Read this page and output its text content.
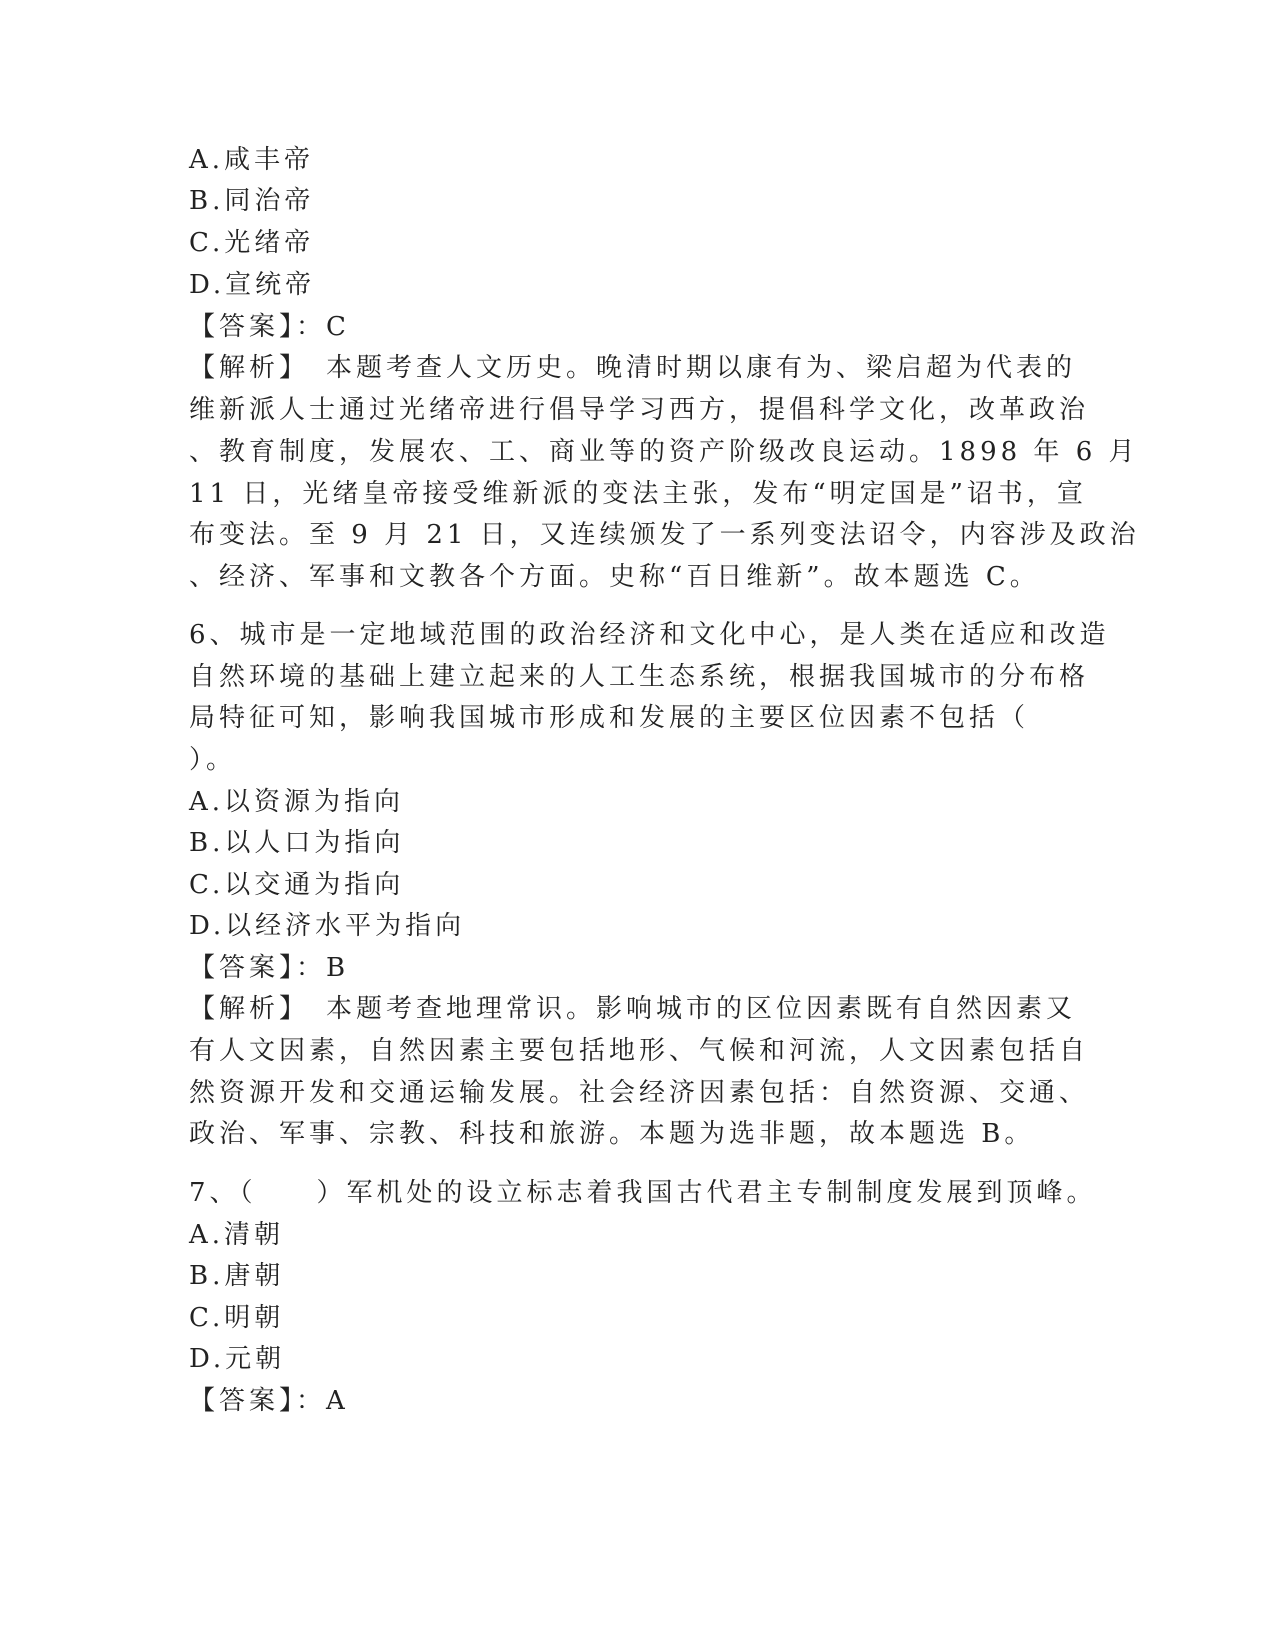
A.咸丰帝
B.同治帝
C.光绪帝
D.宣统帝
【答案】：C
【解析】　本题考查人文历史。晚清时期以康有为、梁启超为代表的
维新派人士通过光绪帝进行倡导学习西方，提倡科学文化，改革政治
、教育制度，发展农、工、商业等的资产阶级改良运动。1898 年 6 月
11 日，光绪皇帝接受维新派的变法主张，发布“明定国是”诏书，宣
布变法。至 9 月 21 日，又连续颁发了一系列变法诏令，内容涉及政治
、经济、军事和文教各个方面。史称“百日维新”。故本题选 C。
6、城市是一定地域范围的政治经济和文化中心，是人类在适应和改造
自然环境的基础上建立起来的人工生态系统，根据我国城市的分布格
局特征可知，影响我国城市形成和发展的主要区位因素不包括（
）。
A.以资源为指向
B.以人口为指向
C.以交通为指向
D.以经济水平为指向
【答案】：B
【解析】　本题考查地理常识。影响城市的区位因素既有自然因素又
有人文因素，自然因素主要包括地形、气候和河流，人文因素包括自
然资源开发和交通运输发展。社会经济因素包括：自然资源、交通、
政治、军事、宗教、科技和旅游。本题为选非题，故本题选 B。
7、（　　）军机处的设立标志着我国古代君主专制制度发展到顶峰。
A.清朝
B.唐朝
C.明朝
D.元朝
【答案】：A
